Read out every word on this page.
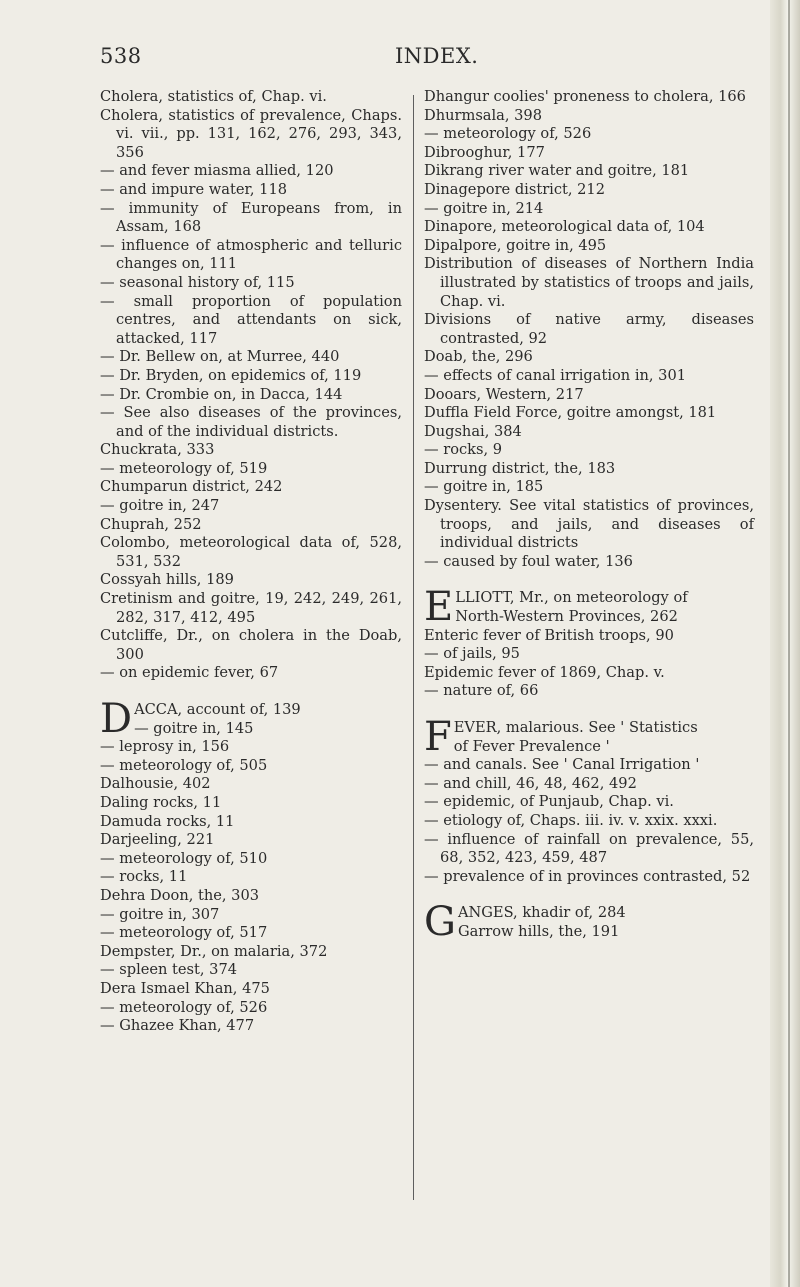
538	INDEX.
Cholera, statistics of, Chap. vi.
Cholera, statistics of prevalence, Chaps. vi. vii., pp. 131, 162, 276, 293, 343, 356
— and fever miasma allied, 120
— and impure water, 118
— immunity of Europeans from, in Assam, 168
— influence of atmospheric and telluric changes on, 111
— seasonal history of, 115
— small proportion of population centres, and attendants on sick, attacked, 117
— Dr. Bellew on, at Murree, 440
— Dr. Bryden, on epidemics of, 119
— Dr. Crombie on, in Dacca, 144
— See also diseases of the provinces, and of the individual districts.
Chuckrata, 333
— meteorology of, 519
Chumparun district, 242
— goitre in, 247
Chuprah, 252
Colombo, meteorological data of, 528, 531, 532
Cossyah hills, 189
Cretinism and goitre, 19, 242, 249, 261, 282, 317, 412, 495
Cutcliffe, Dr., on cholera in the Doab, 300
— on epidemic fever, 67
D ACCA, account of, 139
— goitre in, 145
— leprosy in, 156
— meteorology of, 505
Dalhousie, 402
Daling rocks, 11
Damuda rocks, 11
Darjeeling, 221
— meteorology of, 510
— rocks, 11
Dehra Doon, the, 303
— goitre in, 307
— meteorology of, 517
Dempster, Dr., on malaria, 372
— spleen test, 374
Dera Ismael Khan, 475
— meteorology of, 526
— Ghazee Khan, 477
Dhangur coolies' proneness to cholera, 166
Dhurmsala, 398
— meteorology of, 526
Dibrooghur, 177
Dikrang river water and goitre, 181
Dinagepore district, 212
— goitre in, 214
Dinapore, meteorological data of, 104
Dipalpore, goitre in, 495
Distribution of diseases of Northern India illustrated by statistics of troops and jails, Chap. vi.
Divisions of native army, diseases contrasted, 92
Doab, the, 296
— effects of canal irrigation in, 301
Dooars, Western, 217
Duffla Field Force, goitre amongst, 181
Dugshai, 384
— rocks, 9
Durrung district, the, 183
— goitre in, 185
Dysentery. See vital statistics of provinces, troops, and jails, and diseases of individual districts
— caused by foul water, 136
E LLIOTT, Mr., on meteorology of
North-Western Provinces, 262
Enteric fever of British troops, 90
— of jails, 95
Epidemic fever of 1869, Chap. v.
— nature of, 66
F EVER, malarious. See ' Statistics
of Fever Prevalence '
— and canals. See ' Canal Irrigation '
— and chill, 46, 48, 462, 492
— epidemic, of Punjaub, Chap. vi.
— etiology of, Chaps. iii. iv. v. xxix. xxxi.
— influence of rainfall on prevalence, 55, 68, 352, 423, 459, 487
— prevalence of in provinces contrasted, 52
G ANGES, khadir of, 284
Garrow hills, the, 191
